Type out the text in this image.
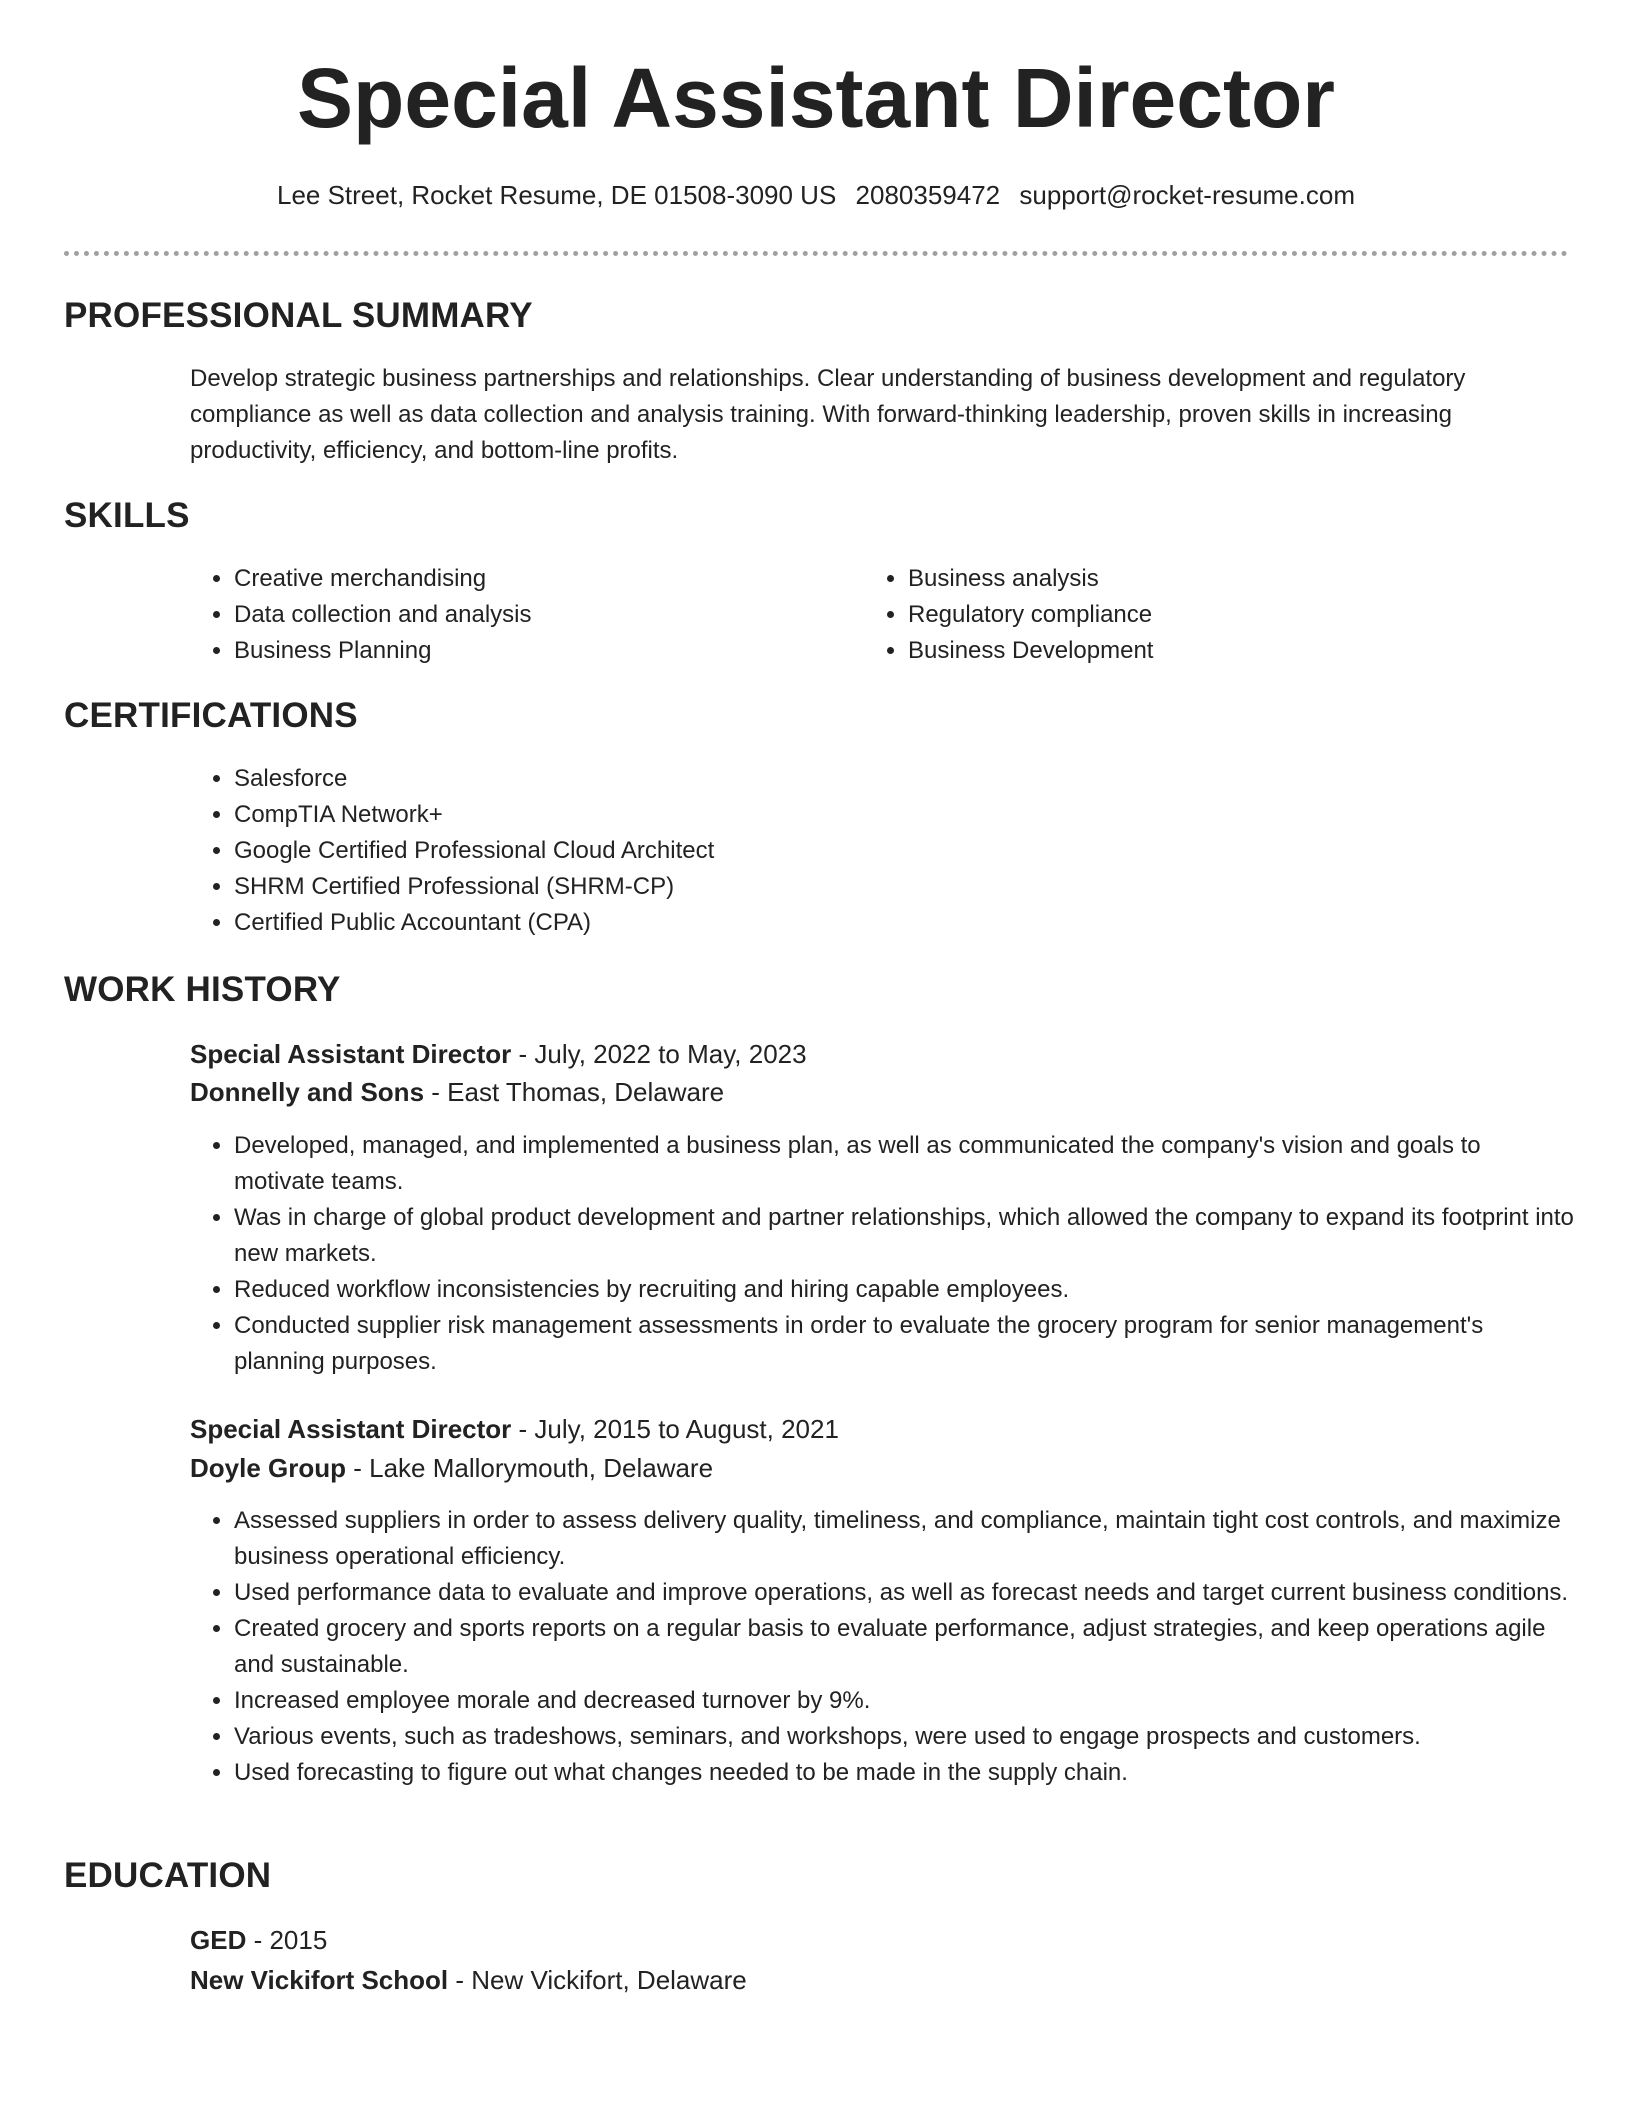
Special Assistant Director
Lee Street, Rocket Resume, DE 01508-3090 US 2080359472 support@rocket-resume.com
PROFESSIONAL SUMMARY

Develop strategic business partnerships and relationships. Clear understanding of business development and regulatory compliance as well as data collection and analysis training. With forward-thinking leadership, proven skills in increasing productivity, efficiency, and bottom-line profits.

SKILLS
• Creative merchandising
• Data collection and analysis
• Business Planning
• Business analysis
• Regulatory compliance
• Business Development
CERTIFICATIONS
• Salesforce
• CompTIA Network+
• Google Certified Professional Cloud Architect
• SHRM Certified Professional (SHRM-CP)
• Certified Public Accountant (CPA)
WORK HISTORY
Special Assistant Director - July, 2022 to May, 2023
Donnelly and Sons - East Thomas, Delaware
• Developed, managed, and implemented a business plan, as well as communicated the company's vision and goals to motivate teams.
• Was in charge of global product development and partner relationships, which allowed the company to expand its footprint into new markets.
• Reduced workflow inconsistencies by recruiting and hiring capable employees.
• Conducted supplier risk management assessments in order to evaluate the grocery program for senior management's planning purposes.
Special Assistant Director - July, 2015 to August, 2021
Doyle Group - Lake Mallorymouth, Delaware
• Assessed suppliers in order to assess delivery quality, timeliness, and compliance, maintain tight cost controls, and maximize business operational efficiency.
• Used performance data to evaluate and improve operations, as well as forecast needs and target current business conditions.
• Created grocery and sports reports on a regular basis to evaluate performance, adjust strategies, and keep operations agile and sustainable.
• Increased employee morale and decreased turnover by 9%.
• Various events, such as tradeshows, seminars, and workshops, were used to engage prospects and customers.
• Used forecasting to figure out what changes needed to be made in the supply chain.
EDUCATION
GED - 2015
New Vickifort School - New Vickifort, Delaware
